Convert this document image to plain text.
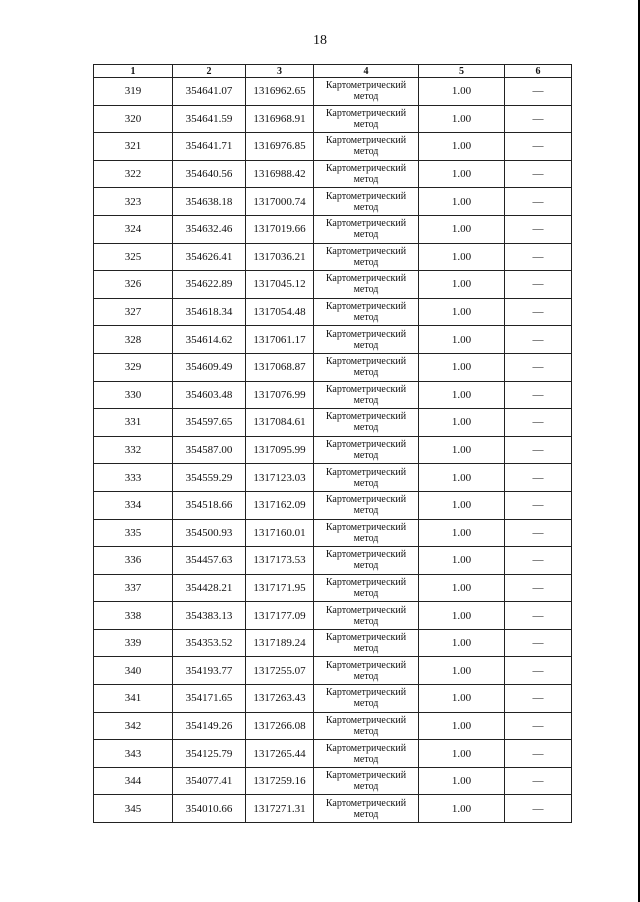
18
1	2	3	4	5	6
319	354641.07	1316962.65	Картометрический метод	1.00	—
320	354641.59	1316968.91	Картометрический метод	1.00	—
321	354641.71	1316976.85	Картометрический метод	1.00	—
322	354640.56	1316988.42	Картометрический метод	1.00	—
323	354638.18	1317000.74	Картометрический метод	1.00	—
324	354632.46	1317019.66	Картометрический метод	1.00	—
325	354626.41	1317036.21	Картометрический метод	1.00	—
326	354622.89	1317045.12	Картометрический метод	1.00	—
327	354618.34	1317054.48	Картометрический метод	1.00	—
328	354614.62	1317061.17	Картометрический метод	1.00	—
329	354609.49	1317068.87	Картометрический метод	1.00	—
330	354603.48	1317076.99	Картометрический метод	1.00	—
331	354597.65	1317084.61	Картометрический метод	1.00	—
332	354587.00	1317095.99	Картометрический метод	1.00	—
333	354559.29	1317123.03	Картометрический метод	1.00	—
334	354518.66	1317162.09	Картометрический метод	1.00	—
335	354500.93	1317160.01	Картометрический метод	1.00	—
336	354457.63	1317173.53	Картометрический метод	1.00	—
337	354428.21	1317171.95	Картометрический метод	1.00	—
338	354383.13	1317177.09	Картометрический метод	1.00	—
339	354353.52	1317189.24	Картометрический метод	1.00	—
340	354193.77	1317255.07	Картометрический метод	1.00	—
341	354171.65	1317263.43	Картометрический метод	1.00	—
342	354149.26	1317266.08	Картометрический метод	1.00	—
343	354125.79	1317265.44	Картометрический метод	1.00	—
344	354077.41	1317259.16	Картометрический метод	1.00	—
345	354010.66	1317271.31	Картометрический метод	1.00	—
